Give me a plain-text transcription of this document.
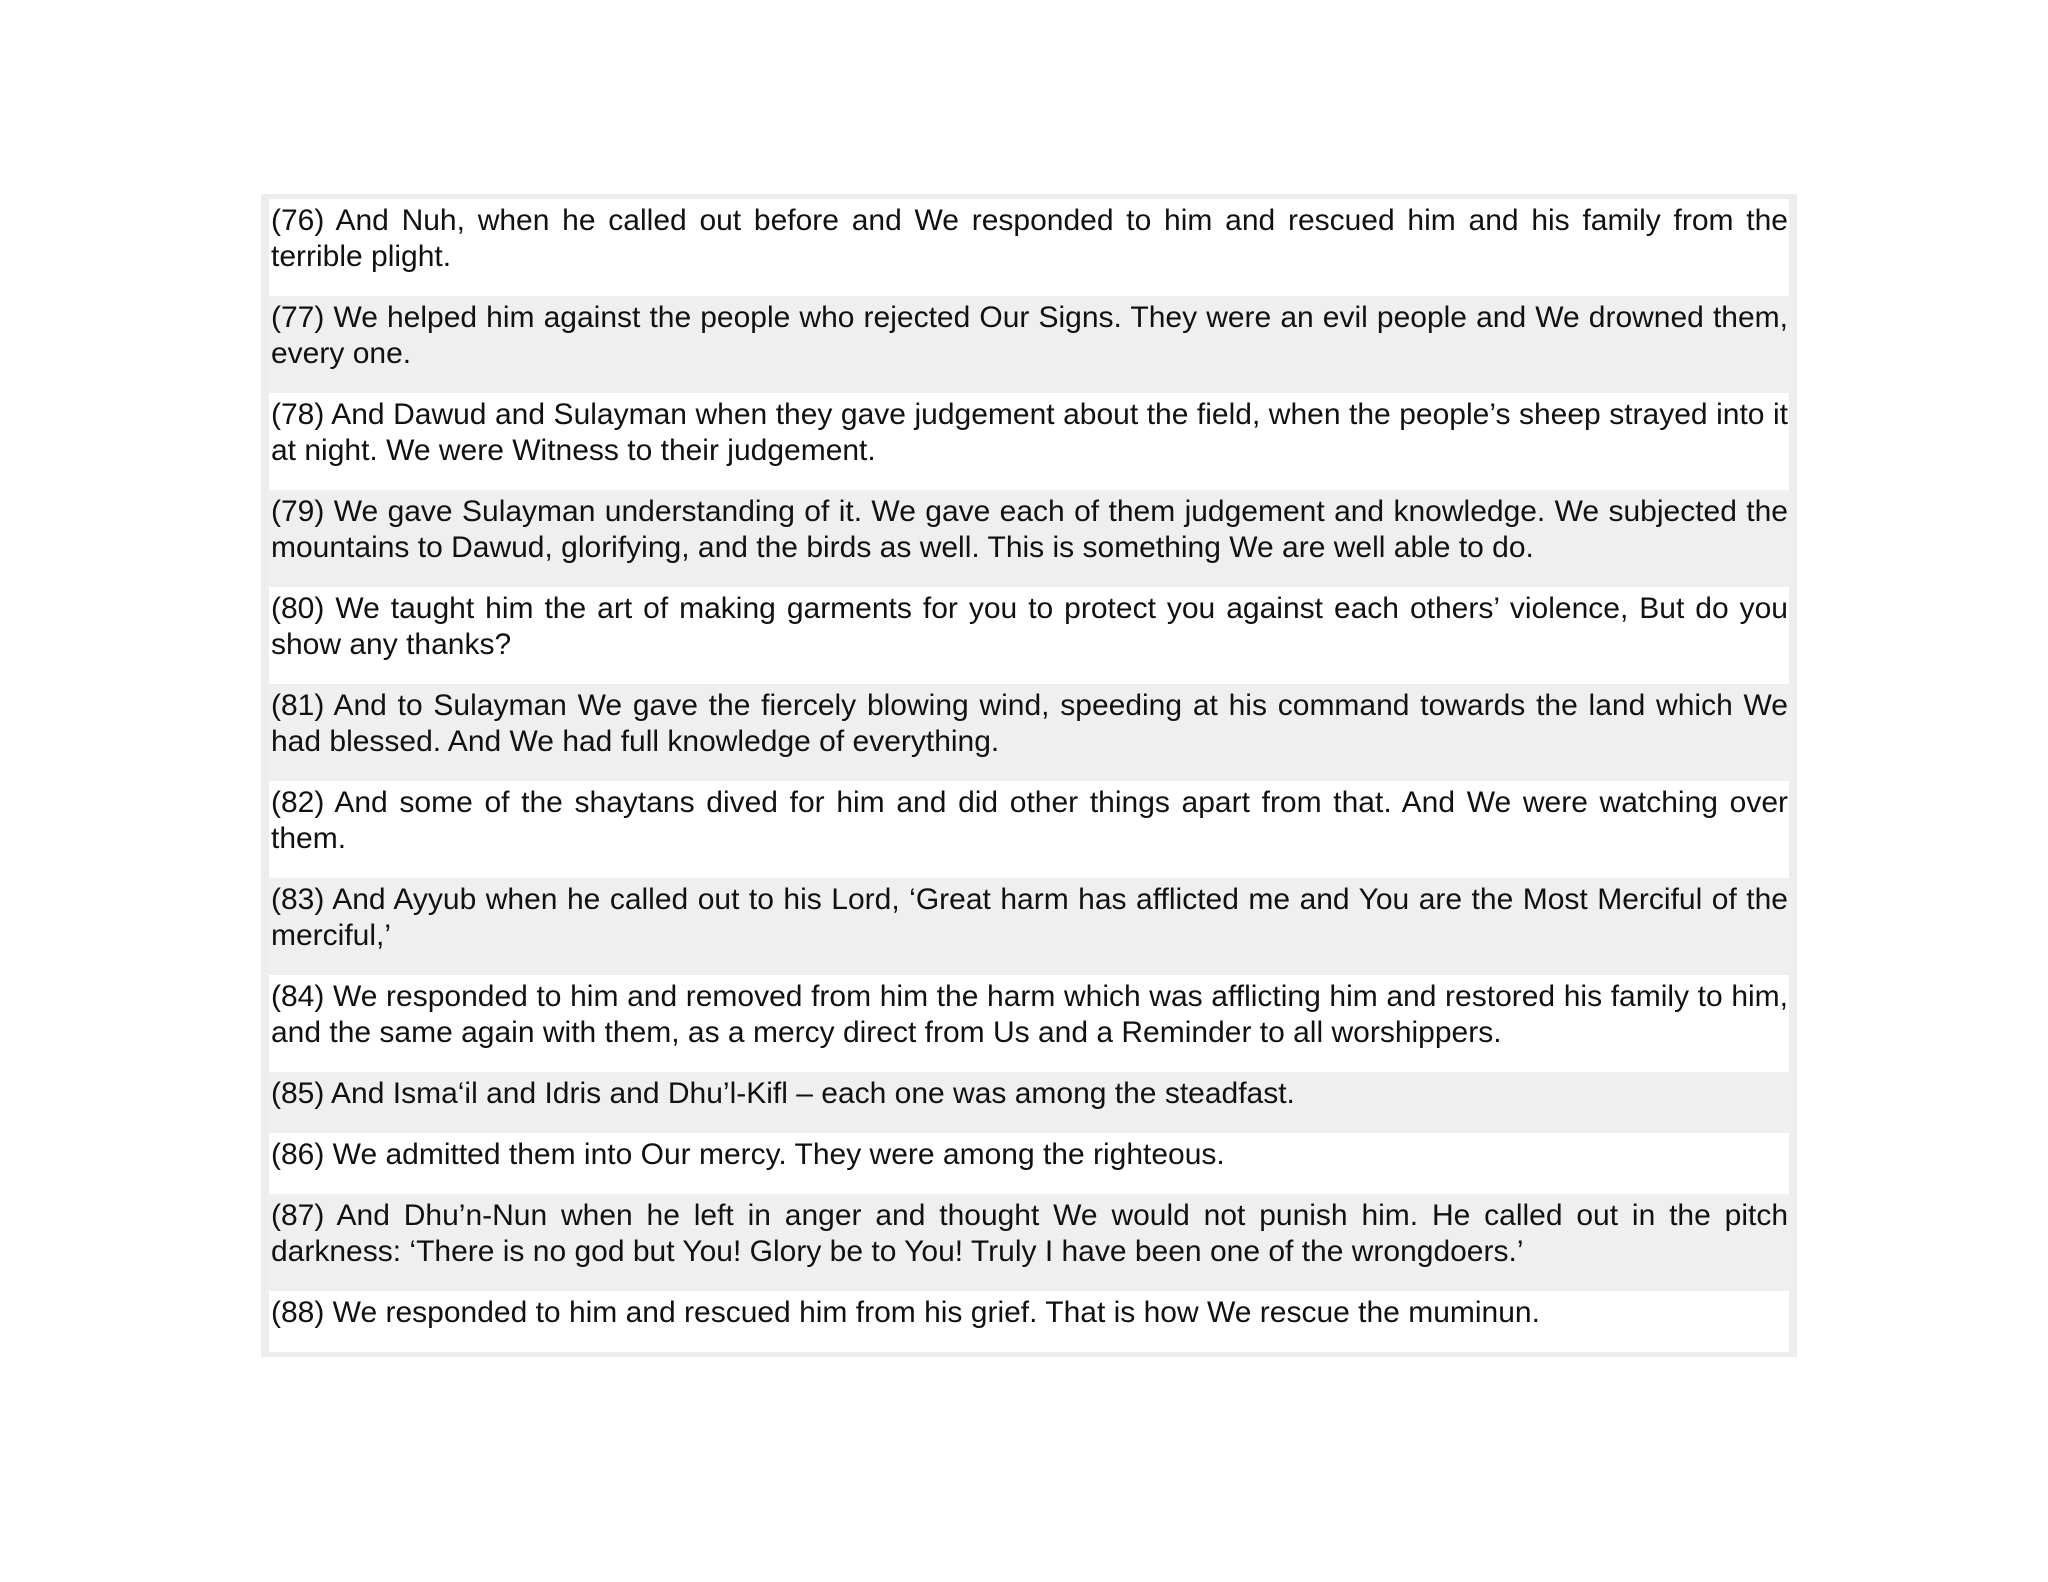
(76) And Nuh, when he called out before and We responded to him and rescued him and his family from the terrible plight.
(77) We helped him against the people who rejected Our Signs. They were an evil people and We drowned them, every one.
(78) And Dawud and Sulayman when they gave judgement about the field, when the people’s sheep strayed into it at night. We were Witness to their judgement.
(79) We gave Sulayman understanding of it. We gave each of them judgement and knowledge. We subjected the mountains to Dawud, glorifying, and the birds as well. This is something We are well able to do.
(80) We taught him the art of making garments for you to protect you against each others’ violence, But do you show any thanks?
(81) And to Sulayman We gave the fiercely blowing wind, speeding at his command towards the land which We had blessed. And We had full knowledge of everything.
(82) And some of the shaytans dived for him and did other things apart from that. And We were watching over them.
(83) And Ayyub when he called out to his Lord, ‘Great harm has afflicted me and You are the Most Merciful of the merciful,’
(84) We responded to him and removed from him the harm which was afflicting him and restored his family to him, and the same again with them, as a mercy direct from Us and a Reminder to all worshippers.
(85) And Isma‘il and Idris and Dhu’l-Kifl – each one was among the steadfast.
(86) We admitted them into Our mercy. They were among the righteous.
(87) And Dhu’n-Nun when he left in anger and thought We would not punish him. He called out in the pitch darkness: ‘There is no god but You! Glory be to You! Truly I have been one of the wrongdoers.’
(88) We responded to him and rescued him from his grief. That is how We rescue the muminun.
